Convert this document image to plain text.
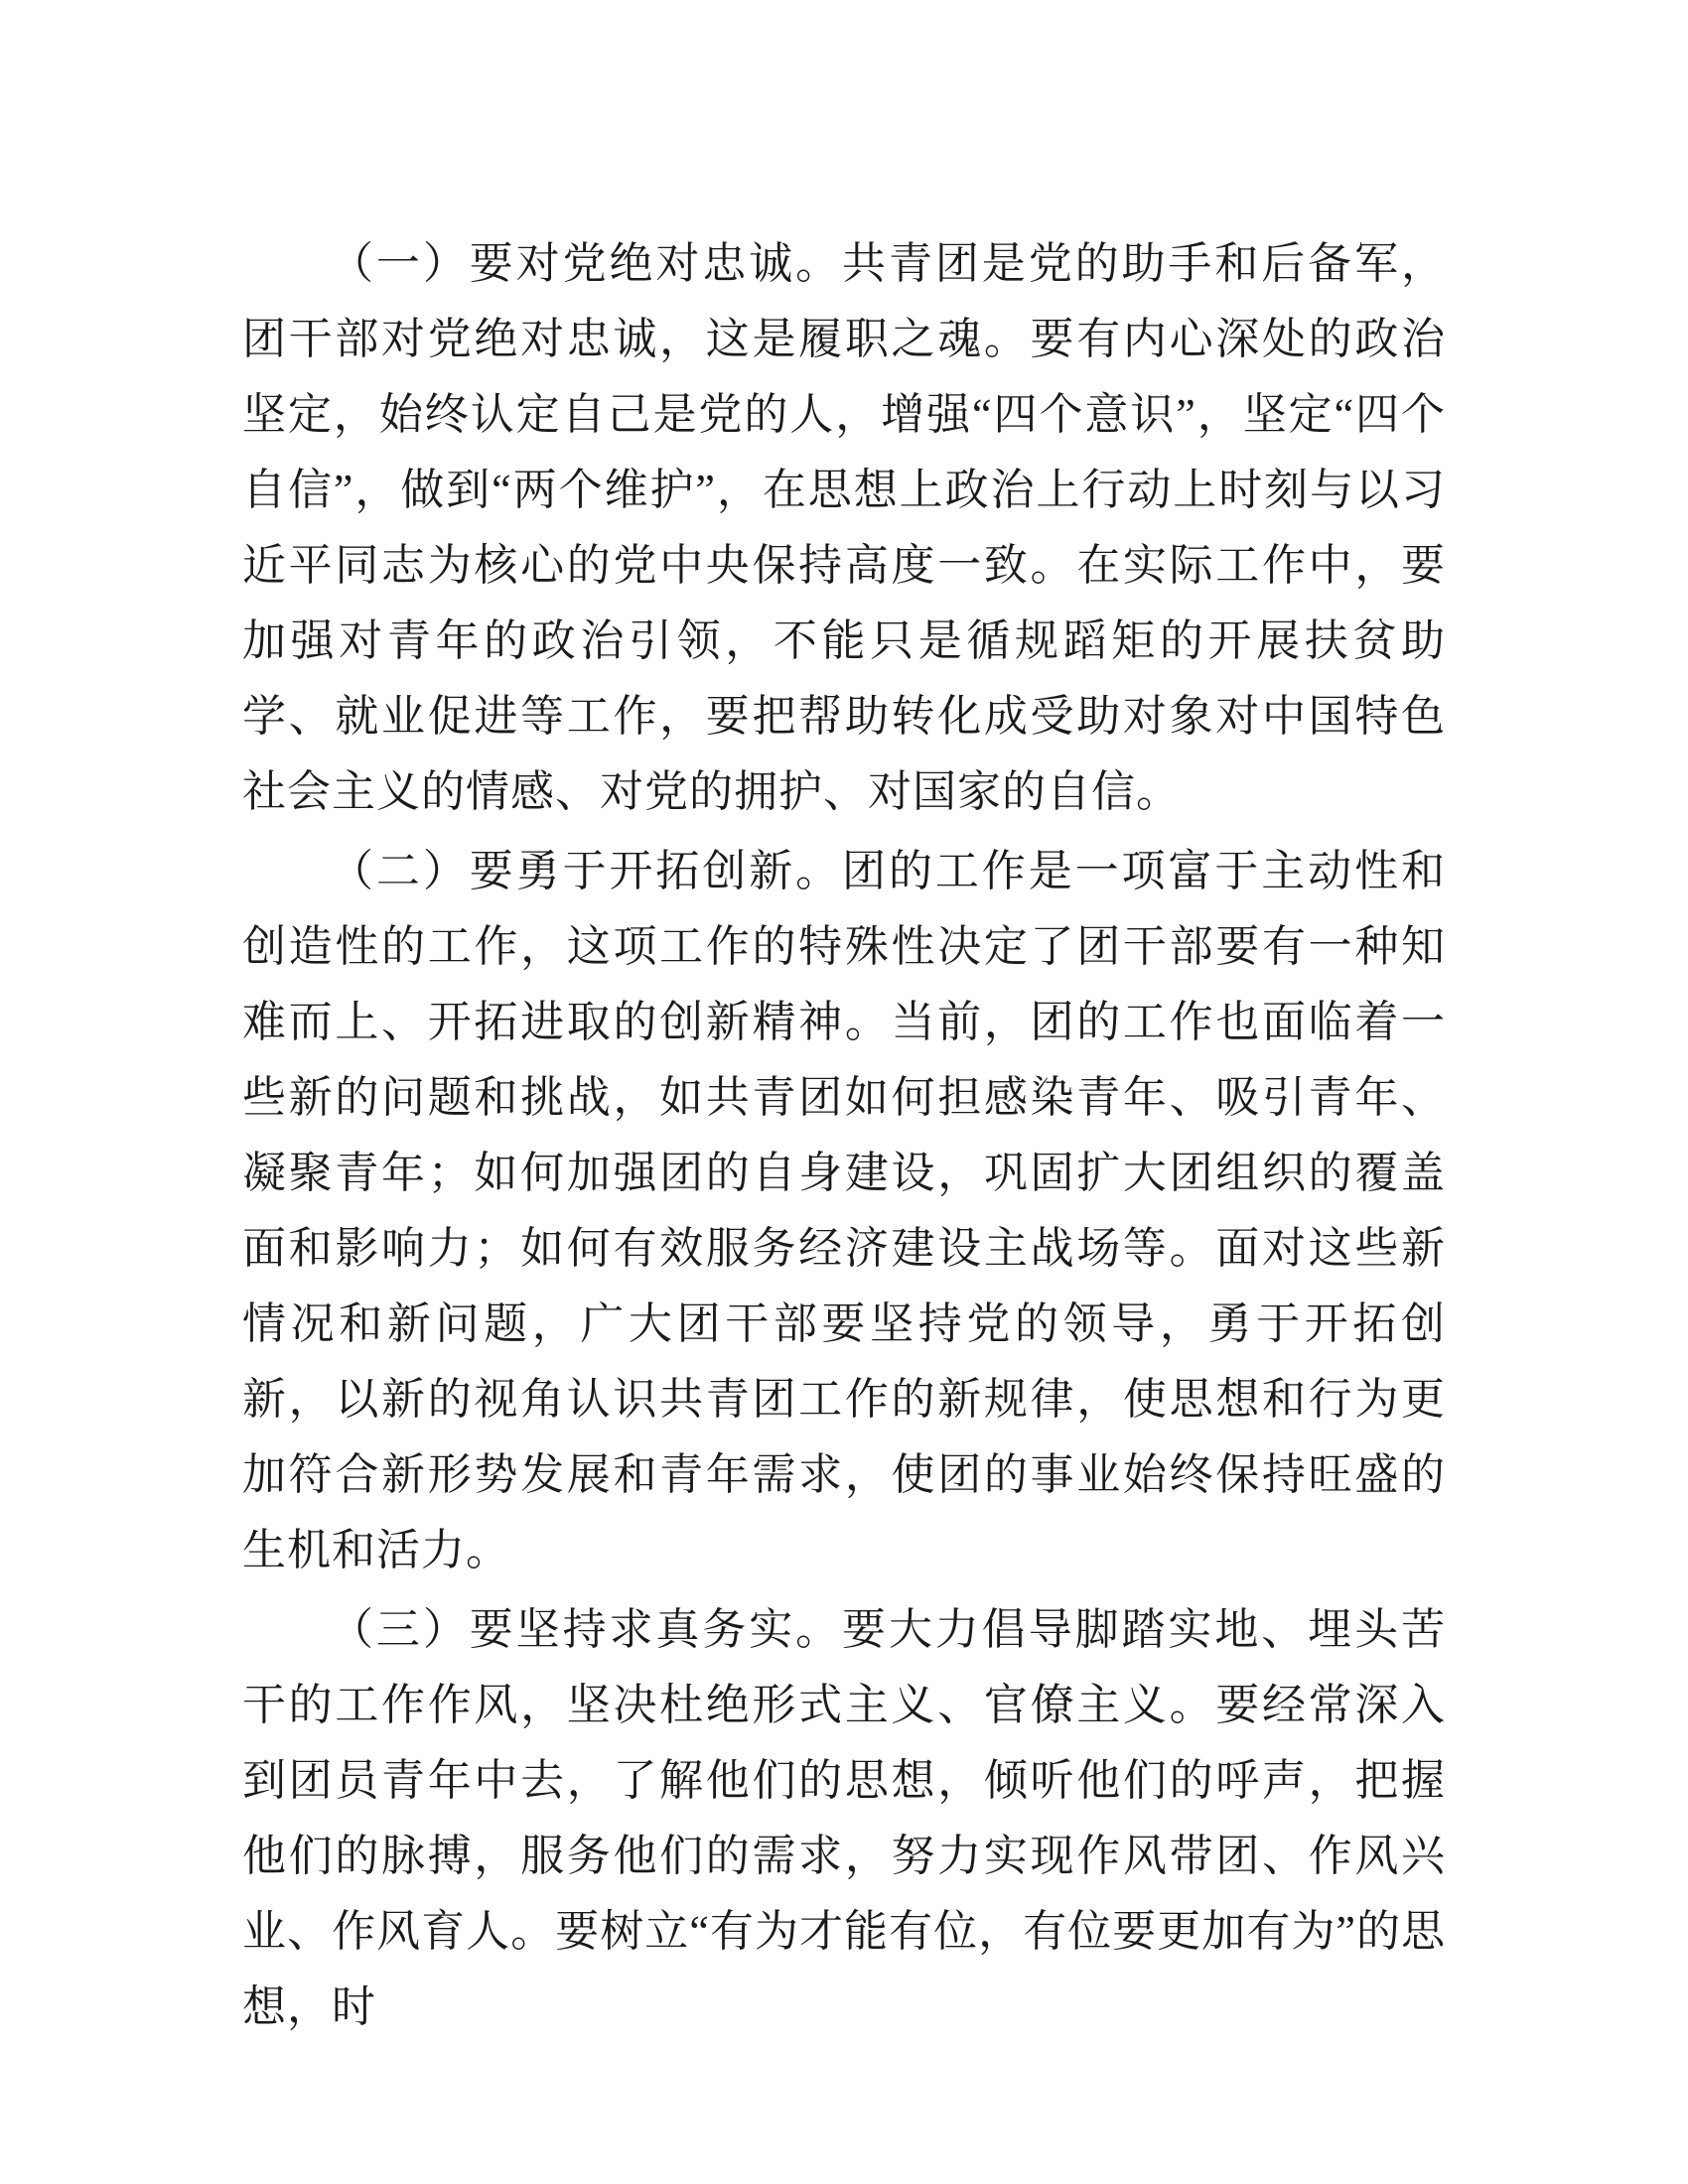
（一）要对党绝对忠诚。共青团是党的助手和后备军，团干部对党绝对忠诚，这是履职之魂。要有内心深处的政治坚定，始终认定自己是党的人，增强“四个意识”，坚定“四个自信”，做到“两个维护”，在思想上政治上行动上时刻与以习近平同志为核心的党中央保持高度一致。在实际工作中，要加强对青年的政治引领，不能只是循规蹈矩的开展扶贫助学、就业促进等工作，要把帮助转化成受助对象对中国特色社会主义的情感、对党的拥护、对国家的自信。

（二）要勇于开拓创新。团的工作是一项富于主动性和创造性的工作，这项工作的特殊性决定了团干部要有一种知难而上、开拓进取的创新精神。当前，团的工作也面临着一些新的问题和挑战，如共青团如何担感染青年、吸引青年、凝聚青年；如何加强团的自身建设，巩固扩大团组织的覆盖面和影响力；如何有效服务经济建设主战场等。面对这些新情况和新问题，广大团干部要坚持党的领导，勇于开拓创新，以新的视角认识共青团工作的新规律，使思想和行为更加符合新形势发展和青年需求，使团的事业始终保持旺盛的生机和活力。

（三）要坚持求真务实。要大力倡导脚踏实地、埋头苦干的工作作风，坚决杜绝形式主义、官僚主义。要经常深入到团员青年中去，了解他们的思想，倾听他们的呼声，把握他们的脉搏，服务他们的需求，努力实现作风带团、作风兴业、作风育人。要树立“有为才能有位，有位要更加有为”的思想，时
